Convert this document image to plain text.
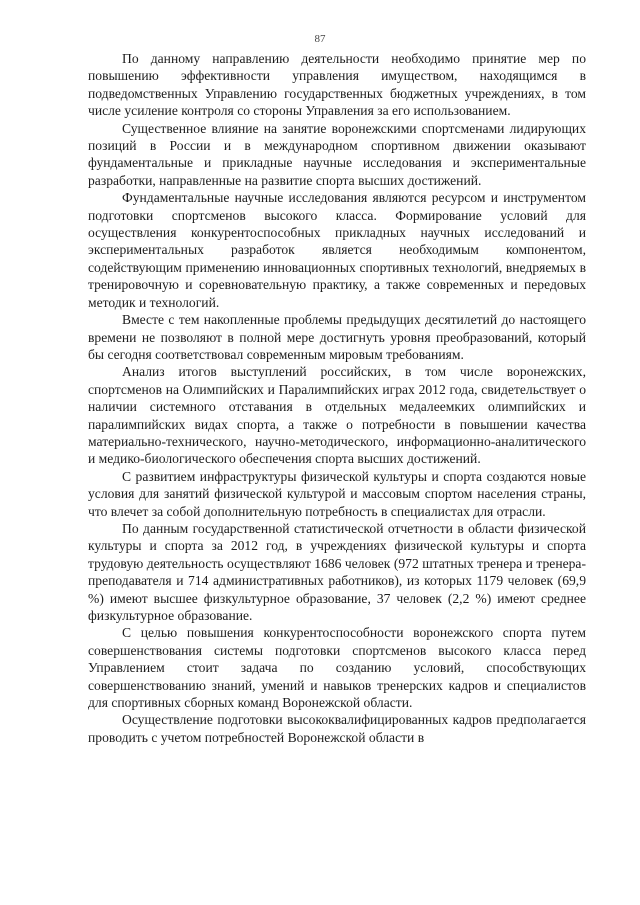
87

По данному направлению деятельности необходимо принятие мер по повышению эффективности управления имуществом, находящимся в подведомственных Управлению государственных бюджетных учреждениях, в том числе усиление контроля со стороны Управления за его использованием.

Существенное влияние на занятие воронежскими спортсменами лидирующих позиций в России и в международном спортивном движении оказывают фундаментальные и прикладные научные исследования и экспериментальные разработки, направленные на развитие спорта высших достижений.

Фундаментальные научные исследования являются ресурсом и инструментом подготовки спортсменов высокого класса. Формирование условий для осуществления конкурентоспособных прикладных научных исследований и экспериментальных разработок является необходимым компонентом, содействующим применению инновационных спортивных технологий, внедряемых в тренировочную и соревновательную практику, а также современных и передовых методик и технологий.

Вместе с тем накопленные проблемы предыдущих десятилетий до настоящего времени не позволяют в полной мере достигнуть уровня преобразований, который бы сегодня соответствовал современным мировым требованиям.

Анализ итогов выступлений российских, в том числе воронежских, спортсменов на Олимпийских и Паралимпийских играх 2012 года, свидетельствует о наличии системного отставания в отдельных медалеемких олимпийских и паралимпийских видах спорта, а также о потребности в повышении качества материально-технического, научно-методического, информационно-аналитического и медико-биологического обеспечения спорта высших достижений.

С развитием инфраструктуры физической культуры и спорта создаются новые условия для занятий физической культурой и массовым спортом населения страны, что влечет за собой дополнительную потребность в специалистах для отрасли.

По данным государственной статистической отчетности в области физической культуры и спорта за 2012 год, в учреждениях физической культуры и спорта трудовую деятельность осуществляют 1686 человек (972 штатных тренера и тренера-преподавателя и 714 административных работников), из которых 1179 человек (69,9 %) имеют высшее физкультурное образование, 37 человек (2,2 %) имеют среднее физкультурное образование.

С целью повышения конкурентоспособности воронежского спорта путем совершенствования системы подготовки спортсменов высокого класса перед Управлением стоит задача по созданию условий, способствующих совершенствованию знаний, умений и навыков тренерских кадров и специалистов для спортивных сборных команд Воронежской области.

Осуществление подготовки высококвалифицированных кадров предполагается проводить с учетом потребностей Воронежской области в
